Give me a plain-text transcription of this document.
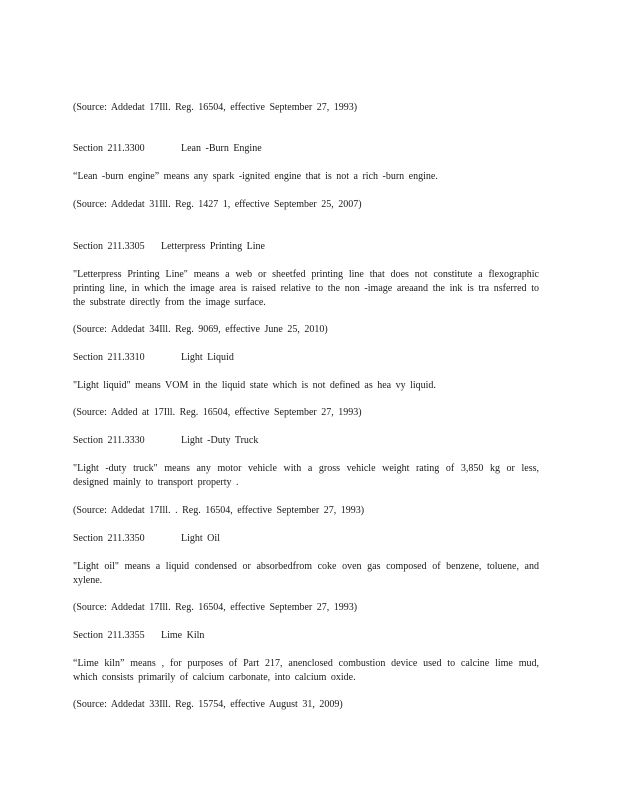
(Source: Addedat 17Ill. Reg. 16504, effective September 27, 1993)
Section 211.3300	Lean -Burn Engine
“Lean -burn engine” means any spark -ignited engine that is not a rich -burn engine.
(Source: Addedat 31Ill. Reg. 1427 1, effective September 25, 2007)
Section 211.3305 Letterpress Printing Line
"Letterpress Printing Line" means a web or sheetfed printing line that does not constitute a flexographic printing line, in which the image area is raised relative to the non -image areaand the ink is tra nsferred to the substrate directly from the image surface.
(Source: Addedat 34Ill. Reg. 9069, effective June 25, 2010)
Section 211.3310	Light Liquid
"Light liquid" means VOM in the liquid state which is not defined as hea vy liquid.
(Source: Added at 17Ill. Reg. 16504, effective September 27, 1993)
Section 211.3330	Light -Duty Truck
"Light -duty truck" means any motor vehicle with a gross vehicle weight rating of 3,850 kg or less, designed mainly to transport property .
(Source: Addedat 17Ill. . Reg. 16504, effective September 27, 1993)
Section 211.3350	Light Oil
"Light oil" means a liquid condensed or absorbedfrom coke oven gas composed of benzene, toluene, and xylene.
(Source: Addedat 17Ill. Reg. 16504, effective September 27, 1993)
Section 211.3355 Lime Kiln
“Lime kiln” means , for purposes of Part 217, anenclosed combustion device used to calcine lime mud, which consists primarily of calcium carbonate, into calcium oxide.
(Source: Addedat 33Ill. Reg. 15754, effective August 31, 2009)
